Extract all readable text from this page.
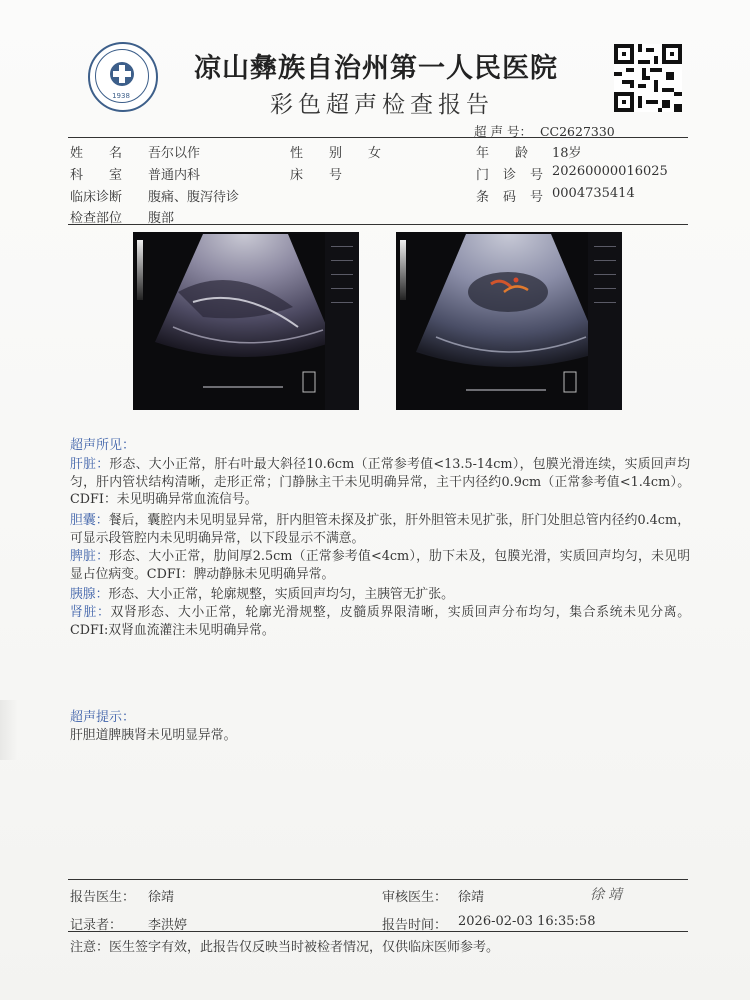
1938
凉山彝族自治州第一人民医院
彩色超声检查报告
超 声 号： CC2627330
姓名 吾尔以作	性别 女	年龄
18岁
科室 普通内科	床号	门诊号
20260000016025
临床诊断 腹痛、腹泻待诊	条码号
0004735414
检查部位 腹部
超声所见：
肝脏：形态、大小正常，肝右叶最大斜径10.6cm（正常参考值<13.5-14cm），包膜光滑连续，实质回声均匀，肝内管状结构清晰，走形正常；门静脉主干未见明确异常，主干内径约0.9cm（正常参考值<1.4cm）。CDFI：未见明确异常血流信号。
胆囊：餐后，囊腔内未见明显异常，肝内胆管未探及扩张，肝外胆管未见扩张，肝门处胆总管内径约0.4cm，可显示段管腔内未见明确异常，以下段显示不满意。
脾脏：形态、大小正常，肋间厚2.5cm（正常参考值<4cm），肋下未及，包膜光滑，实质回声均匀，未见明显占位病变。CDFI：脾动静脉未见明确异常。
胰腺：形态、大小正常，轮廓规整，实质回声均匀，主胰管无扩张。
肾脏：双肾形态、大小正常，轮廓光滑规整，皮髓质界限清晰，实质回声分布均匀，集合系统未见分离。CDFI:双肾血流灌注未见明确异常。
超声提示：
肝胆道脾胰肾未见明显异常。
报告医生： 徐靖	审核医生： 徐靖	徐靖
记录者： 李洪婷	报告时间： 2026-02-03 16:35:58
注意：医生签字有效，此报告仅反映当时被检者情况，仅供临床医师参考。
